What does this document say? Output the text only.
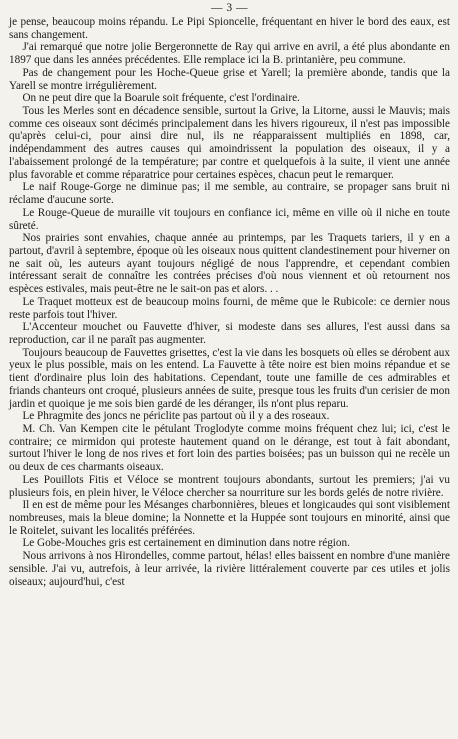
— 3 —

je pense, beaucoup moins répandu. Le Pipi Spioncelle, fréquentant en hiver le bord des eaux, est sans changement.

J'ai remarqué que notre jolie Bergeronnette de Ray qui arrive en avril, a été plus abondante en 1897 que dans les années précédentes. Elle remplace ici la B. printanière, peu commune.

Pas de changement pour les Hoche-Queue grise et Yarell; la première abonde, tandis que la Yarell se montre irrégulièrement.

On ne peut dire que la Boarule soit fréquente, c'est l'ordinaire.

Tous les Merles sont en décadence sensible, surtout la Grive, la Litorne, aussi le Mauvis; mais comme ces oiseaux sont décimés principalement dans les hivers rigoureux, il n'est pas impossible qu'après celui-ci, pour ainsi dire nul, ils ne réapparaissent multipliés en 1898, car, indépendamment des autres causes qui amoindrissent la population des oiseaux, il y a l'abaissement prolongé de la température; par contre et quelquefois à la suite, il vient une année plus favorable et comme réparatrice pour certaines espèces, chacun peut le remarquer.

Le naif Rouge-Gorge ne diminue pas; il me semble, au contraire, se propager sans bruit ni réclame d'aucune sorte.

Le Rouge-Queue de muraille vit toujours en confiance ici, même en ville où il niche en toute sûreté.

Nos prairies sont envahies, chaque année au printemps, par les Traquets tariers, il y en a partout, d'avril à septembre, époque où les oiseaux nous quittent clandestinement pour hiverner on ne sait où, les auteurs ayant toujours négligé de nous l'apprendre, et cependant combien intéressant serait de connaître les contrées précises d'où nous viennent et où retournent nos espèces estivales, mais peut-être ne le sait-on pas et alors. . .

Le Traquet motteux est de beaucoup moins fourni, de même que le Rubicole: ce dernier nous reste parfois tout l'hiver.

L'Accenteur mouchet ou Fauvette d'hiver, si modeste dans ses allures, l'est aussi dans sa reproduction, car il ne paraît pas augmenter.

Toujours beaucoup de Fauvettes grisettes, c'est la vie dans les bosquets où elles se dérobent aux yeux le plus possible, mais on les entend. La Fauvette à tête noire est bien moins répandue et se tient d'ordinaire plus loin des habitations. Cependant, toute une famille de ces admirables et friands chanteurs ont croqué, plusieurs années de suite, presque tous les fruits d'un cerisier de mon jardin et quoique je me sois bien gardé de les déranger, ils n'ont plus reparu.

Le Phragmite des joncs ne périclite pas partout où il y a des roseaux.

M. Ch. Van Kempen cite le pétulant Troglodyte comme moins fréquent chez lui; ici, c'est le contraire; ce mirmidon qui proteste hautement quand on le dérange, est tout à fait abondant, surtout l'hiver le long de nos rives et fort loin des parties boisées; pas un buisson qui ne recèle un ou deux de ces charmants oiseaux.

Les Pouillots Fitis et Véloce se montrent toujours abondants, surtout les premiers; j'ai vu plusieurs fois, en plein hiver, le Véloce chercher sa nourriture sur les bords gelés de notre rivière.

Il en est de même pour les Mésanges charbonnières, bleues et longicaudes qui sont visiblement nombreuses, mais la bleue domine; la Nonnette et la Huppée sont toujours en minorité, ainsi que le Roitelet, suivant les localités préférées.

Le Gobe-Mouches gris est certainement en diminution dans notre région.

Nous arrivons à nos Hirondelles, comme partout, hélas! elles baissent en nombre d'une manière sensible. J'ai vu, autrefois, à leur arrivée, la rivière littéralement couverte par ces utiles et jolis oiseaux; aujourd'hui, c'est
